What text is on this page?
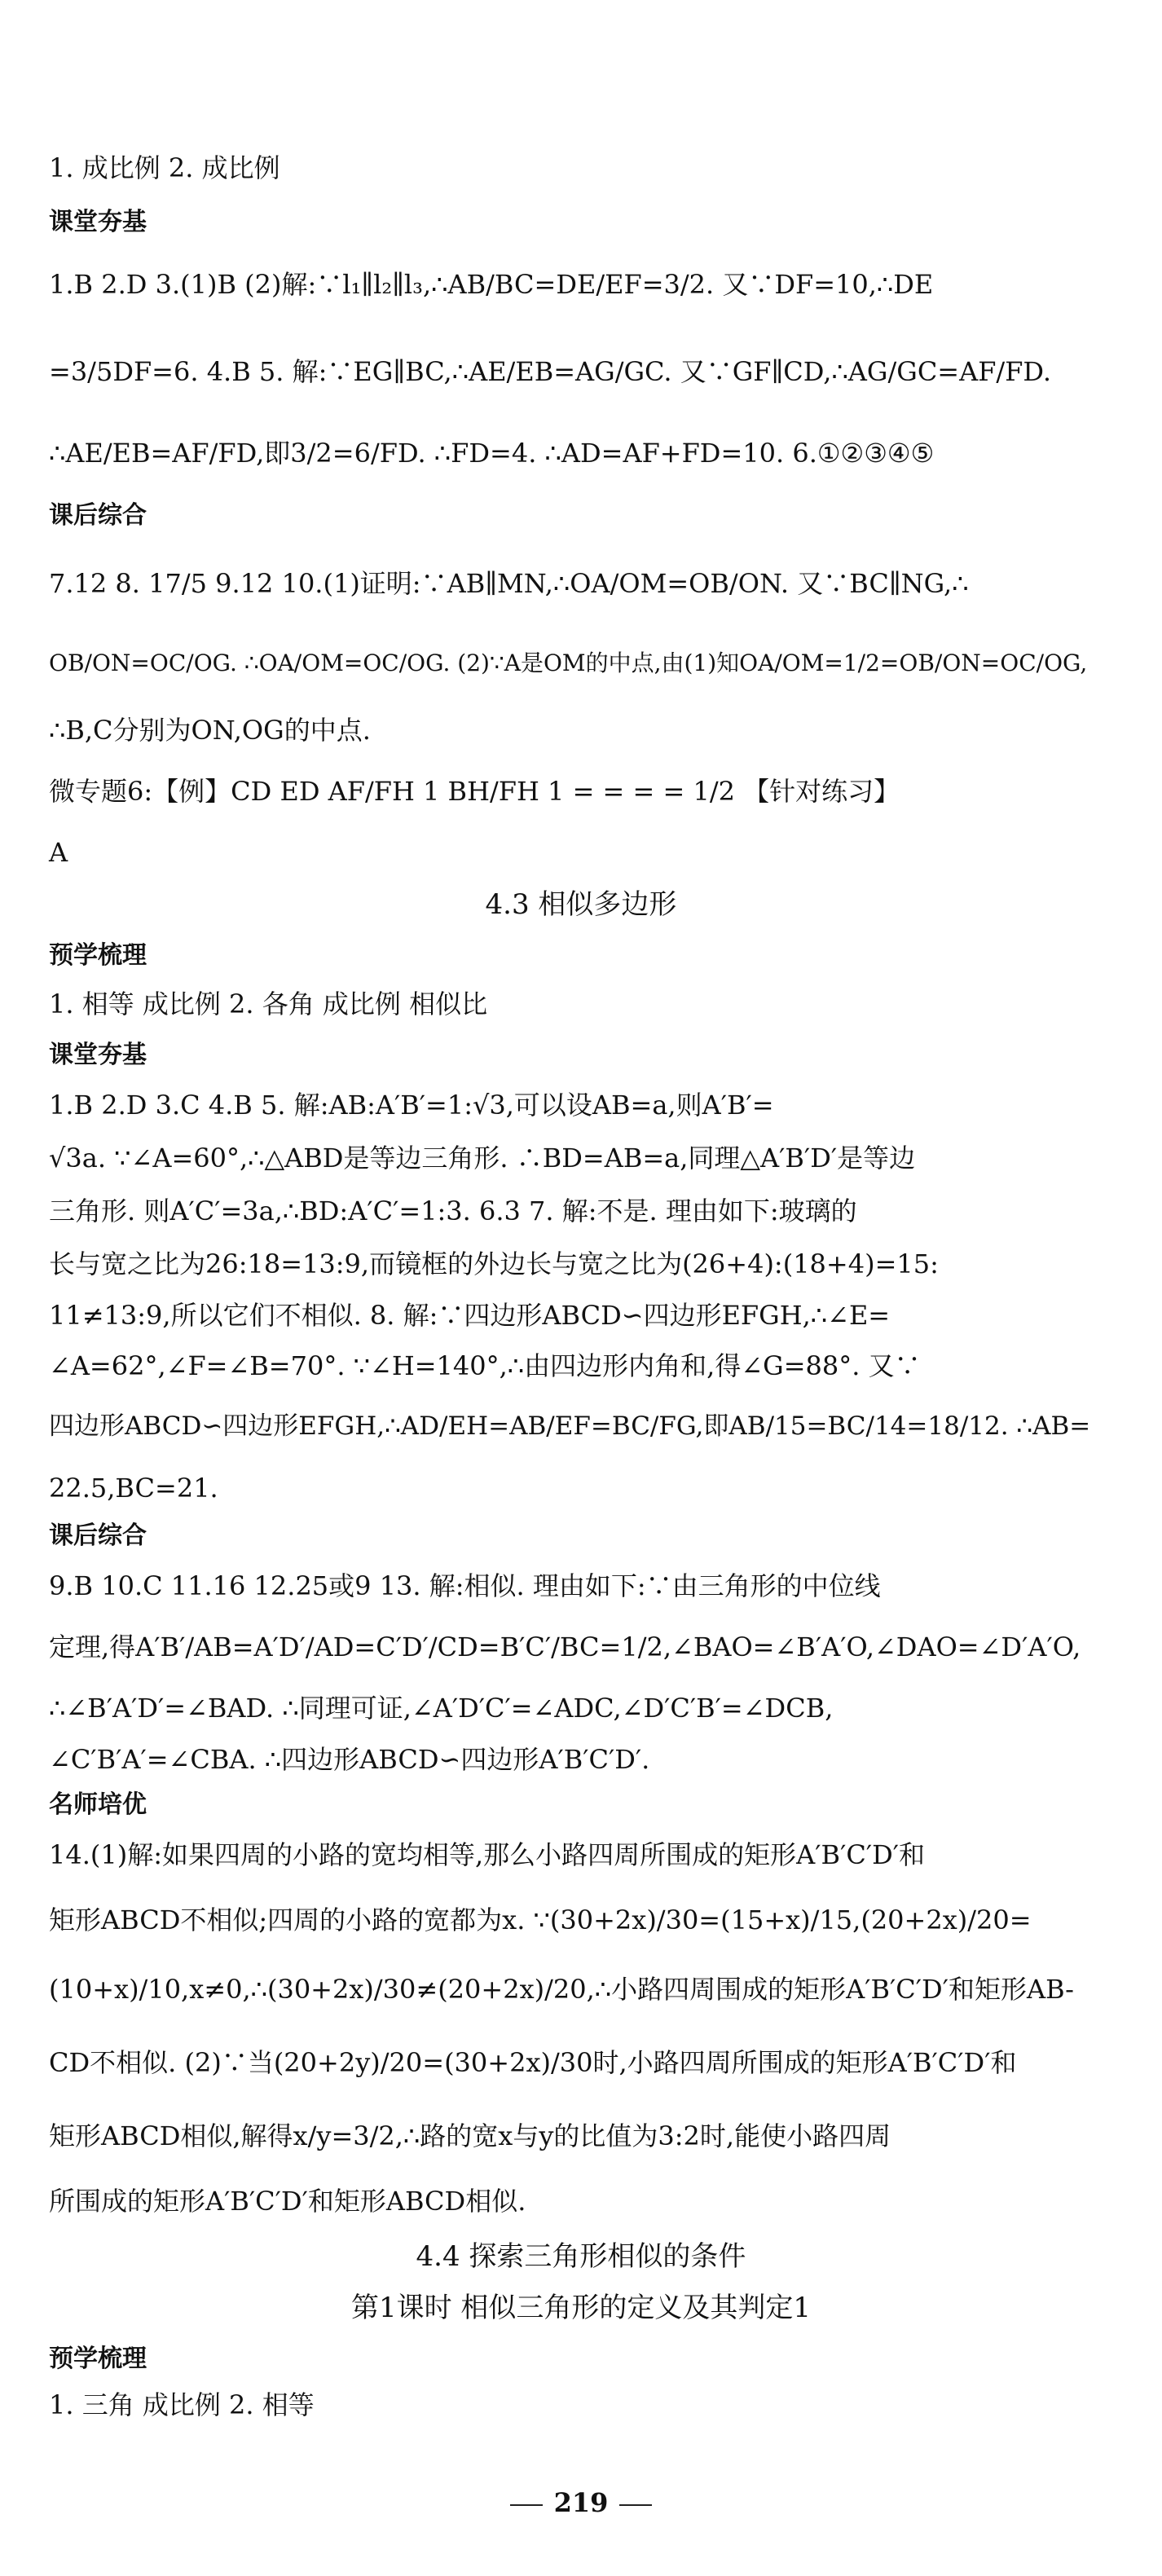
1. 成比例 2. 成比例
课堂夯基
1.B 2.D 3.(1)B (2)解:∵l₁∥l₂∥l₃,∴AB/BC=DE/EF=3/2. 又∵DF=10,∴DE
=3/5DF=6. 4.B 5. 解:∵EG∥BC,∴AE/EB=AG/GC. 又∵GF∥CD,∴AG/GC=AF/FD.
∴AE/EB=AF/FD,即3/2=6/FD. ∴FD=4. ∴AD=AF+FD=10. 6.①②③④⑤
课后综合
7.12 8. 17/5 9.12 10.(1)证明:∵AB∥MN,∴OA/OM=OB/ON. 又∵BC∥NG,∴
OB/ON=OC/OG. ∴OA/OM=OC/OG. (2)∵A是OM的中点,由(1)知OA/OM=1/2=OB/ON=OC/OG,
∴B,C分别为ON,OG的中点.
微专题6:【例】CD ED AF/FH 1 BH/FH 1 = = = = 1/2 【针对练习】
A
4.3 相似多边形
预学梳理
1. 相等 成比例 2. 各角 成比例 相似比
课堂夯基
1.B 2.D 3.C 4.B 5. 解:AB:A′B′=1:√3,可以设AB=a,则A′B′=
√3a. ∵∠A=60°,∴△ABD是等边三角形. ∴BD=AB=a,同理△A′B′D′是等边
三角形. 则A′C′=3a,∴BD:A′C′=1:3. 6.3 7. 解:不是. 理由如下:玻璃的
长与宽之比为26:18=13:9,而镜框的外边长与宽之比为(26+4):(18+4)=15:
11≠13:9,所以它们不相似. 8. 解:∵四边形ABCD∽四边形EFGH,∴∠E=
∠A=62°,∠F=∠B=70°. ∵∠H=140°,∴由四边形内角和,得∠G=88°. 又∵
四边形ABCD∽四边形EFGH,∴AD/EH=AB/EF=BC/FG,即AB/15=BC/14=18/12. ∴AB=
22.5,BC=21.
课后综合
9.B 10.C 11.16 12.25或9 13. 解:相似. 理由如下:∵由三角形的中位线
定理,得A′B′/AB=A′D′/AD=C′D′/CD=B′C′/BC=1/2,∠BAO=∠B′A′O,∠DAO=∠D′A′O,
∴∠B′A′D′=∠BAD. ∴同理可证,∠A′D′C′=∠ADC,∠D′C′B′=∠DCB,
∠C′B′A′=∠CBA. ∴四边形ABCD∽四边形A′B′C′D′.
名师培优
14.(1)解:如果四周的小路的宽均相等,那么小路四周所围成的矩形A′B′C′D′和
矩形ABCD不相似;四周的小路的宽都为x. ∵(30+2x)/30=(15+x)/15,(20+2x)/20=
(10+x)/10,x≠0,∴(30+2x)/30≠(20+2x)/20,∴小路四周围成的矩形A′B′C′D′和矩形AB-
CD不相似. (2)∵当(20+2y)/20=(30+2x)/30时,小路四周所围成的矩形A′B′C′D′和
矩形ABCD相似,解得x/y=3/2,∴路的宽x与y的比值为3:2时,能使小路四周
所围成的矩形A′B′C′D′和矩形ABCD相似.
4.4 探索三角形相似的条件
第1课时 相似三角形的定义及其判定1
预学梳理
1. 三角 成比例 2. 相等
219
